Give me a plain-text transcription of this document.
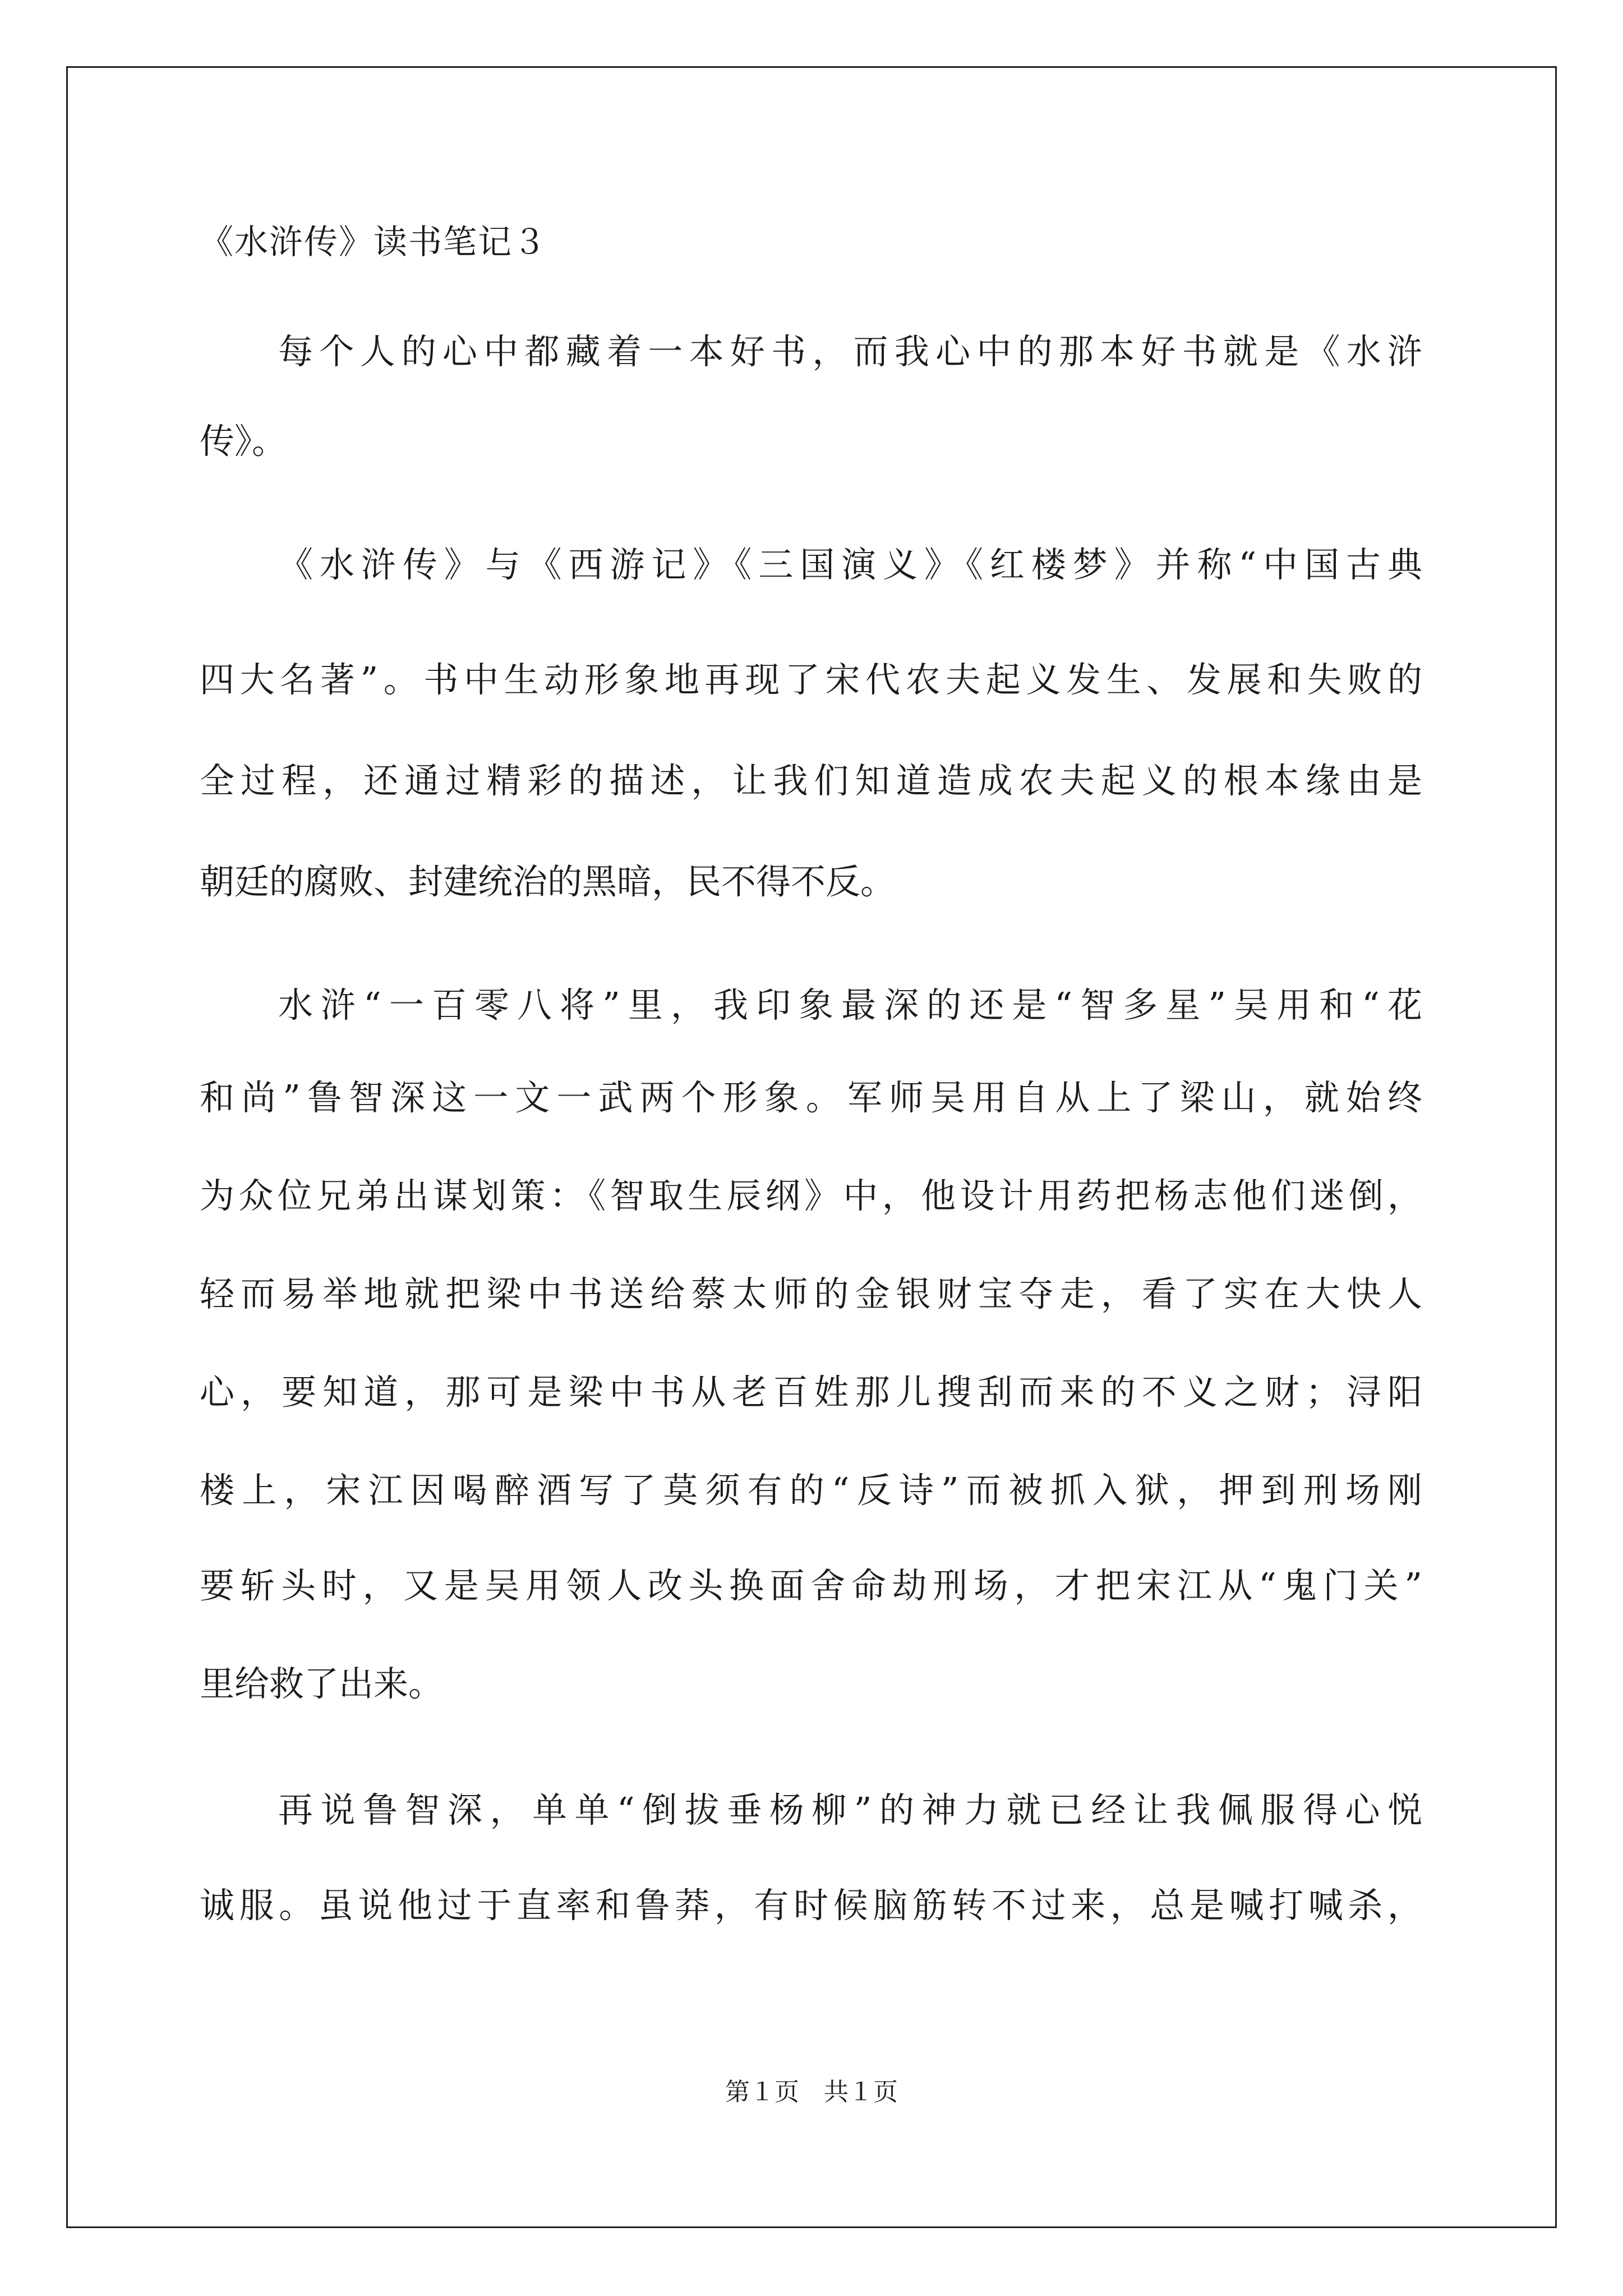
《水浒传》读书笔记３
每个人的心中都藏着一本好书，而我心中的那本好书就是《水浒
传》。
《水浒传》与《西游记》《三国演义》《红楼梦》并称“中国古典
四大名著”。书中生动形象地再现了宋代农夫起义发生、发展和失败的
全过程，还通过精彩的描述，让我们知道造成农夫起义的根本缘由是
朝廷的腐败、封建统治的黑暗，民不得不反。
水浒“一百零八将”里，我印象最深的还是“智多星”吴用和“花
和尚”鲁智深这一文一武两个形象。军师吴用自从上了梁山，就始终
为众位兄弟出谋划策：《智取生辰纲》中，他设计用药把杨志他们迷倒，
轻而易举地就把梁中书送给蔡太师的金银财宝夺走，看了实在大快人
心，要知道，那可是梁中书从老百姓那儿搜刮而来的不义之财；浔阳
楼上，宋江因喝醉酒写了莫须有的“反诗”而被抓入狱，押到刑场刚
要斩头时，又是吴用领人改头换面舍命劫刑场，才把宋江从“鬼门关”
里给救了出来。
再说鲁智深，单单“倒拔垂杨柳”的神力就已经让我佩服得心悦
诚服。虽说他过于直率和鲁莽，有时候脑筋转不过来，总是喊打喊杀，
第１页　共１页
